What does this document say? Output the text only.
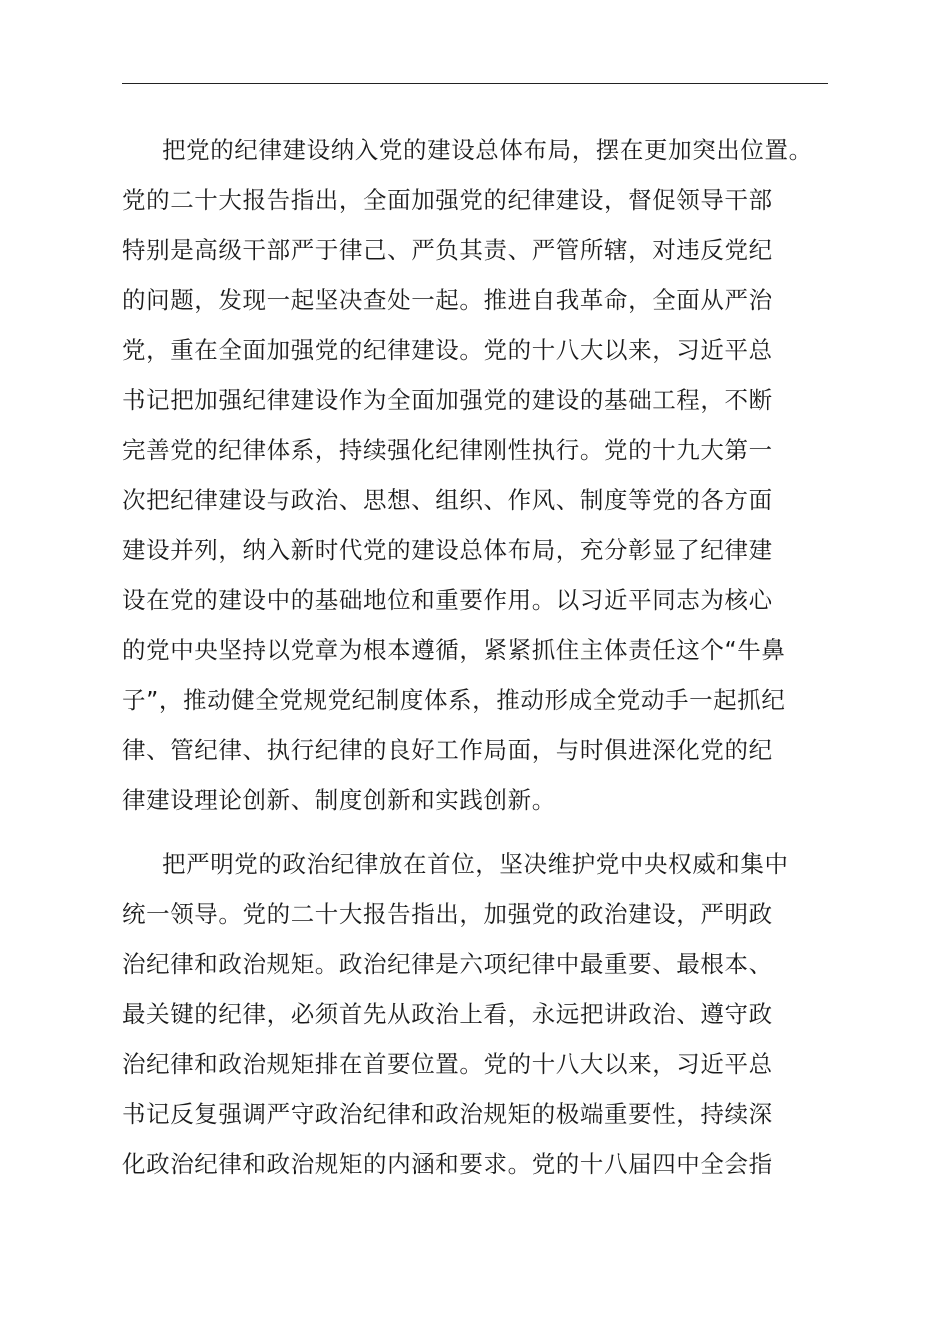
把党的纪律建设纳入党的建设总体布局，摆在更加突出位置。
党的二十大报告指出，全面加强党的纪律建设，督促领导干部
特别是高级干部严于律己、严负其责、严管所辖，对违反党纪
的问题，发现一起坚决查处一起。推进自我革命，全面从严治
党，重在全面加强党的纪律建设。党的十八大以来，习近平总
书记把加强纪律建设作为全面加强党的建设的基础工程，不断
完善党的纪律体系，持续强化纪律刚性执行。党的十九大第一
次把纪律建设与政治、思想、组织、作风、制度等党的各方面
建设并列，纳入新时代党的建设总体布局，充分彰显了纪律建
设在党的建设中的基础地位和重要作用。以习近平同志为核心
的党中央坚持以党章为根本遵循，紧紧抓住主体责任这个“牛鼻
子”，推动健全党规党纪制度体系，推动形成全党动手一起抓纪
律、管纪律、执行纪律的良好工作局面，与时俱进深化党的纪
律建设理论创新、制度创新和实践创新。
把严明党的政治纪律放在首位，坚决维护党中央权威和集中
统一领导。党的二十大报告指出，加强党的政治建设，严明政
治纪律和政治规矩。政治纪律是六项纪律中最重要、最根本、
最关键的纪律，必须首先从政治上看，永远把讲政治、遵守政
治纪律和政治规矩排在首要位置。党的十八大以来，习近平总
书记反复强调严守政治纪律和政治规矩的极端重要性，持续深
化政治纪律和政治规矩的内涵和要求。党的十八届四中全会指
